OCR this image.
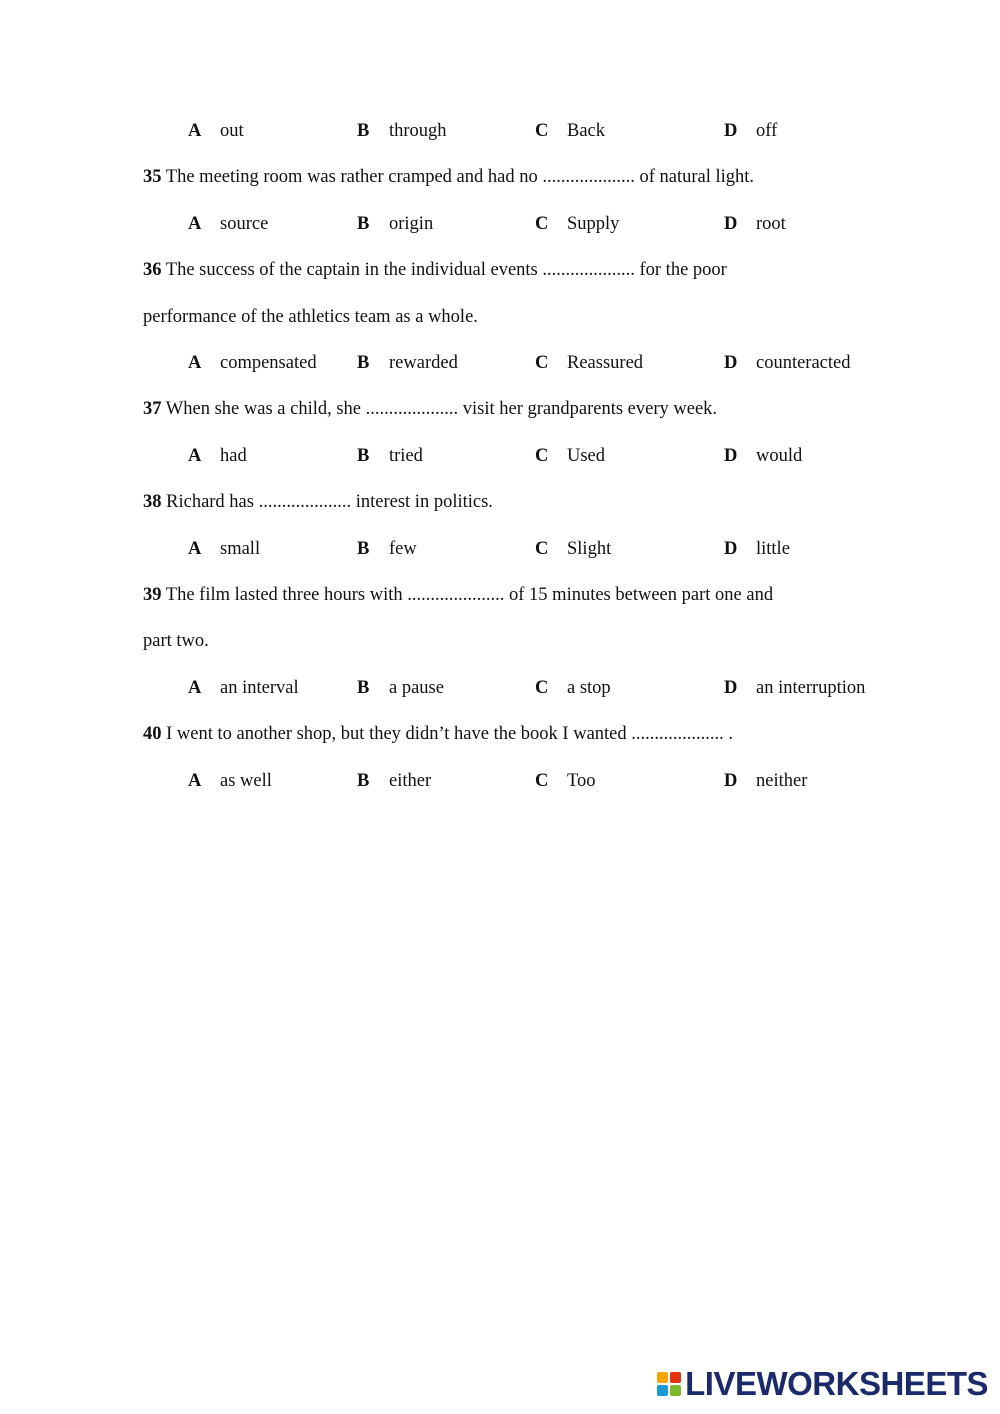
A out	B through	C Back	D off
35 The meeting room was rather cramped and had no .................... of natural light.
A source	B origin	C Supply	D root
36 The success of the captain in the individual events .................... for the poor
performance of the athletics team as a whole.
A compensated B rewarded	C Reassured	D counteracted
37 When she was a child, she .................... visit her grandparents every week.
A had	B tried	C Used	D would
38 Richard has .................... interest in politics.
A small	B few	C Slight	D little
39 The film lasted three hours with ..................... of 15 minutes between part one and
part two.
A an interval	B a pause	C a stop	D an interruption
40 I went to another shop, but they didn’t have the book I wanted .................... .
A as well	B either	C Too	D neither
LIVEWORKSHEETS
